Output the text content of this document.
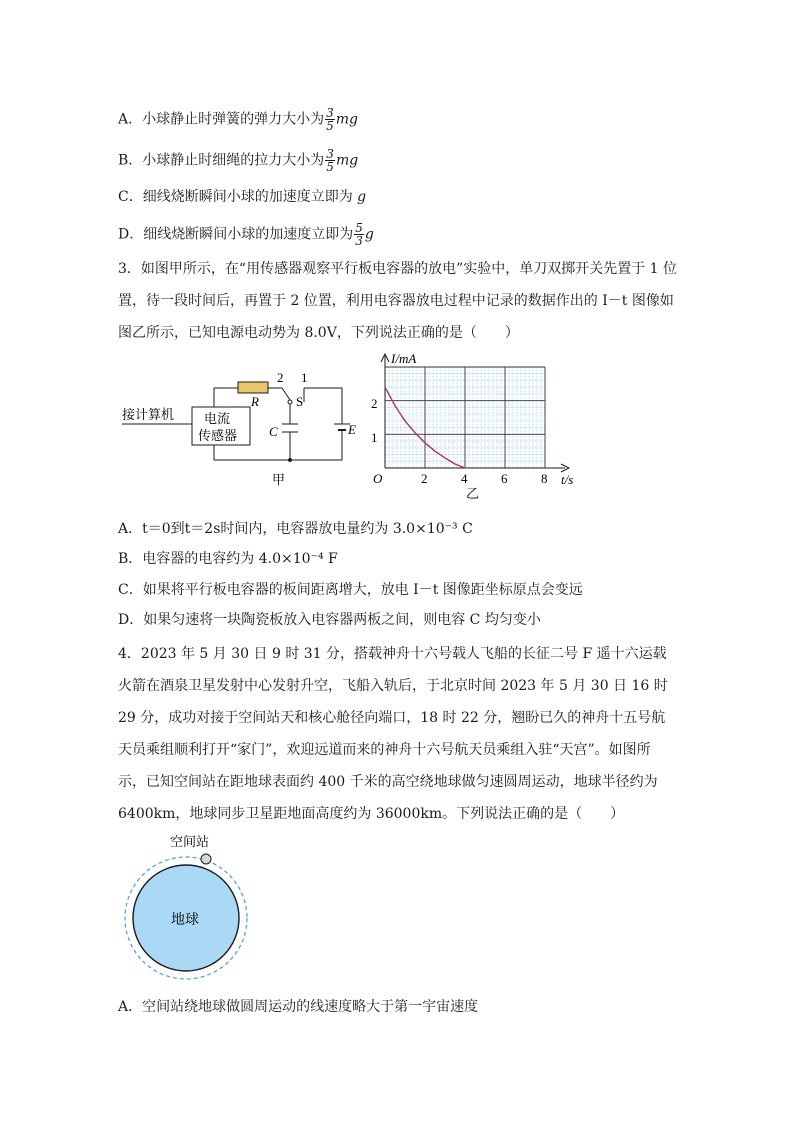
A．小球静止时弹簧的弹力大小为 $\frac{3}{5}$ mg
B．小球静止时细绳的拉力大小为 $\frac{3}{5}$ mg
C．细线烧断瞬间小球的加速度立即为 g
D．细线烧断瞬间小球的加速度立即为 $\frac{5}{3}$ g
3．如图甲所示，在“用传感器观察平行板电容器的放电”实验中，单刀双掷开关先置于 1 位置，待一段时间后，再置于 2 位置，利用电容器放电过程中记录的数据作出的 I－t 图像如图乙所示，已知电源电动势为 8.0V，下列说法正确的是（　　）
接计算机 电流
传感器
R
2 1
S
C	E
甲
I/mA
t/s
O	2	4	6	8
1
2
乙
A．t＝0到t＝2s时间内，电容器放电量约为 3.0×10⁻³ C
B．电容器的电容约为 4.0×10⁻⁴ F
C．如果将平行板电容器的板间距离增大，放电 I－t 图像距坐标原点会变远
D．如果匀速将一块陶瓷板放入电容器两板之间，则电容 C 均匀变小
4．2023 年 5 月 30 日 9 时 31 分，搭载神舟十六号载人飞船的长征二号 F 遥十六运载火箭在酒泉卫星发射中心发射升空，飞船入轨后，于北京时间 2023 年 5 月 30 日 16 时 29 分，成功对接于空间站天和核心舱径向端口，18 时 22 分，翘盼已久的神舟十五号航天员乘组顺利打开“家门”，欢迎远道而来的神舟十六号航天员乘组入驻“天宫”。如图所示，已知空间站在距地球表面约 400 千米的高空绕地球做匀速圆周运动，地球半径约为 6400km，地球同步卫星距地面高度约为 36000km。下列说法正确的是（　　）
空间站
地球
A．空间站绕地球做圆周运动的线速度略大于第一宇宙速度
